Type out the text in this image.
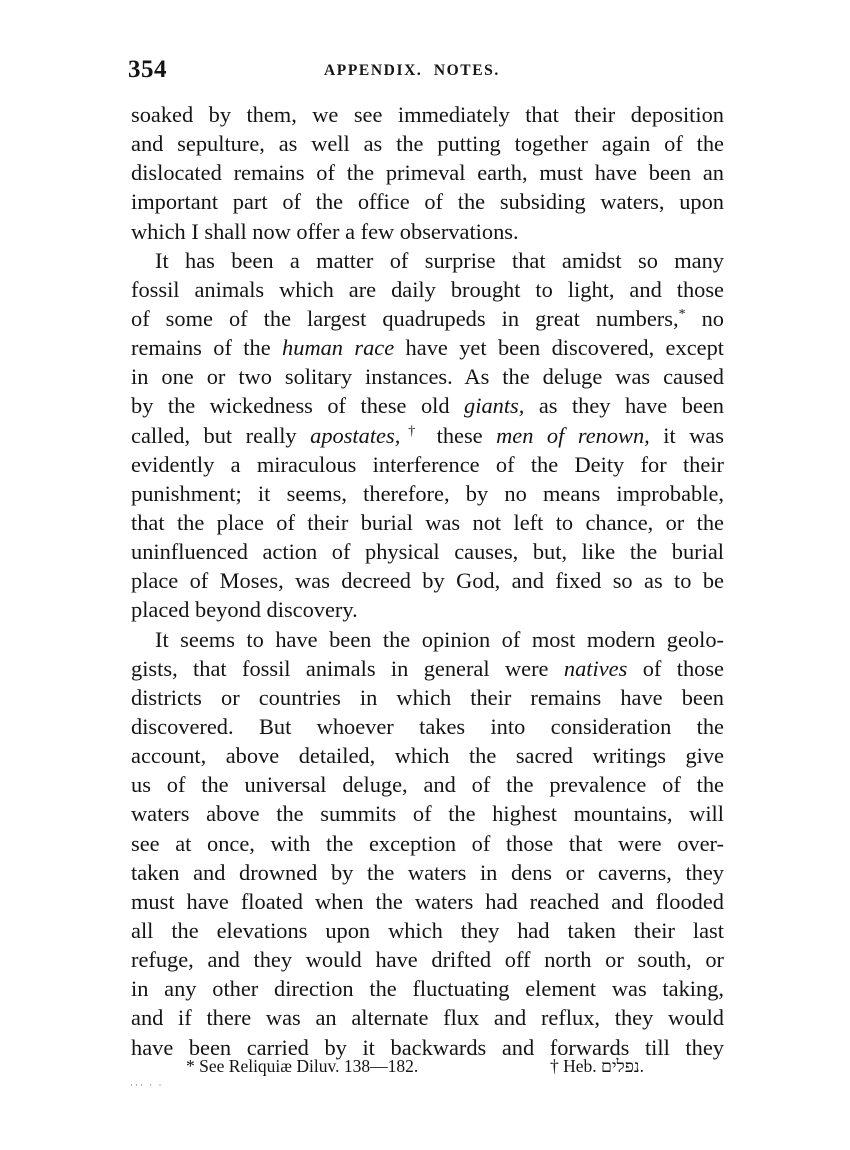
354	APPENDIX. NOTES.
soaked by them, we see immediately that their deposition
and sepulture, as well as the putting together again of the
dislocated remains of the primeval earth, must have been an
important part of the office of the subsiding waters, upon
which I shall now offer a few observations.
It has been a matter of surprise that amidst so many
fossil animals which are daily brought to light, and those
of some of the largest quadrupeds in great numbers,* no
remains of the human race have yet been discovered, except
in one or two solitary instances. As the deluge was caused
by the wickedness of these old giants, as they have been
called, but really apostates,† these men of renown, it was
evidently a miraculous interference of the Deity for their
punishment; it seems, therefore, by no means improbable,
that the place of their burial was not left to chance, or the
uninfluenced action of physical causes, but, like the burial
place of Moses, was decreed by God, and fixed so as to be
placed beyond discovery.
It seems to have been the opinion of most modern geolo-
gists, that fossil animals in general were natives of those
districts or countries in which their remains have been
discovered. But whoever takes into consideration the
account, above detailed, which the sacred writings give
us of the universal deluge, and of the prevalence of the
waters above the summits of the highest mountains, will
see at once, with the exception of those that were over-
taken and drowned by the waters in dens or caverns, they
must have floated when the waters had reached and flooded
all the elevations upon which they had taken their last
refuge, and they would have drifted off north or south, or
in any other direction the fluctuating element was taking,
and if there was an alternate flux and reflux, they would
have been carried by it backwards and forwards till they
* See Reliquiæ Diluv. 138—182.	† Heb. נפלים.
··· · ·
